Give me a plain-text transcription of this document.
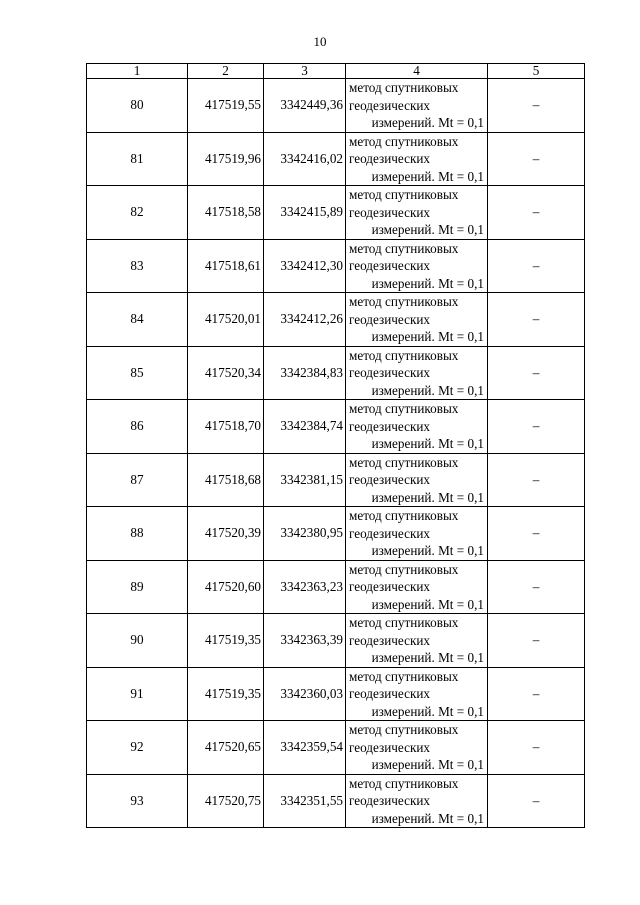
10
1	2	3	4	5
80	417519,55	3342449,36	метод спутниковых
геодезических
измерений. Mt = 0,1	–
81	417519,96	3342416,02	метод спутниковых
геодезических
измерений. Mt = 0,1	–
82	417518,58	3342415,89	метод спутниковых
геодезических
измерений. Mt = 0,1	–
83	417518,61	3342412,30	метод спутниковых
геодезических
измерений. Mt = 0,1	–
84	417520,01	3342412,26	метод спутниковых
геодезических
измерений. Mt = 0,1	–
85	417520,34	3342384,83	метод спутниковых
геодезических
измерений. Mt = 0,1	–
86	417518,70	3342384,74	метод спутниковых
геодезических
измерений. Mt = 0,1	–
87	417518,68	3342381,15	метод спутниковых
геодезических
измерений. Mt = 0,1	–
88	417520,39	3342380,95	метод спутниковых
геодезических
измерений. Mt = 0,1	–
89	417520,60	3342363,23	метод спутниковых
геодезических
измерений. Mt = 0,1	–
90	417519,35	3342363,39	метод спутниковых
геодезических
измерений. Mt = 0,1	–
91	417519,35	3342360,03	метод спутниковых
геодезических
измерений. Mt = 0,1	–
92	417520,65	3342359,54	метод спутниковых
геодезических
измерений. Mt = 0,1	–
93	417520,75	3342351,55	метод спутниковых
геодезических
измерений. Mt = 0,1	–
